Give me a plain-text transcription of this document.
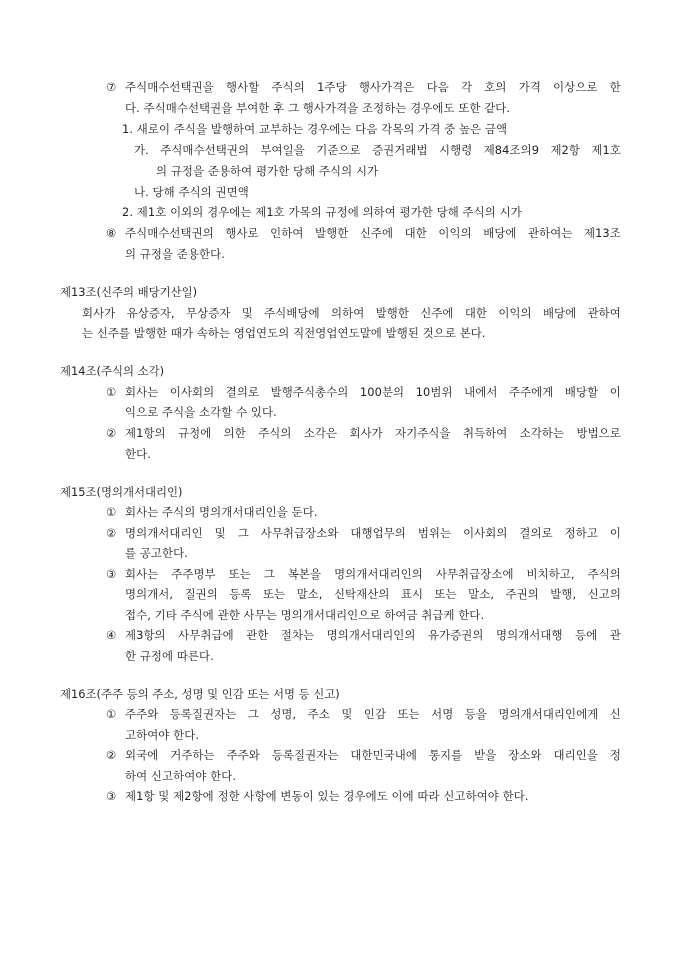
⑦ 주식매수선택권을 행사할 주식의 1주당 행사가격은 다음 각 호의 가격 이상으로 한
다. 주식매수선택권을 부여한 후 그 행사가격을 조정하는 경우에도 또한 같다.
1. 새로이 주식을 발행하여 교부하는 경우에는 다음 각목의 가격 중 높은 금액
가. 주식매수선택권의 부여일을 기준으로 증권거래법 시행령 제84조의9 제2항 제1호
의 규정을 준용하여 평가한 당해 주식의 시가
나. 당해 주식의 권면액
2. 제1호 이외의 경우에는 제1호 가목의 규정에 의하여 평가한 당해 주식의 시가
⑧ 주식매수선택권의 행사로 인하여 발행한 신주에 대한 이익의 배당에 관하여는 제13조
의 규정을 준용한다.
제13조(신주의 배당기산일)
회사가 유상증자, 무상증자 및 주식배당에 의하여 발행한 신주에 대한 이익의 배당에 관하여
는 신주를 발행한 때가 속하는 영업연도의 직전영업연도말에 발행된 것으로 본다.
제14조(주식의 소각)
① 회사는 이사회의 결의로 발행주식총수의 100분의 10범위 내에서 주주에게 배당할 이
익으로 주식을 소각할 수 있다.
② 제1항의 규정에 의한 주식의 소각은 회사가 자기주식을 취득하여 소각하는 방법으로
한다.
제15조(명의개서대리인)
① 회사는 주식의 명의개서대리인을 둔다.
② 명의개서대리인 및 그 사무취급장소와 대행업무의 범위는 이사회의 결의로 정하고 이
를 공고한다.
③ 회사는 주주명부 또는 그 복본을 명의개서대리인의 사무취급장소에 비치하고, 주식의
명의개서, 질권의 등록 또는 말소, 신탁재산의 표시 또는 말소, 주권의 발행, 신고의
접수, 기타 주식에 관한 사무는 명의개서대리인으로 하여금 취급케 한다.
④ 제3항의 사무취급에 관한 절차는 명의개서대리인의 유가증권의 명의개서대행 등에 관
한 규정에 따른다.
제16조(주주 등의 주소, 성명 및 인감 또는 서명 등 신고)
① 주주와 등록질권자는 그 성명, 주소 및 인감 또는 서명 등을 명의개서대리인에게 신
고하여야 한다.
② 외국에 거주하는 주주와 등록질권자는 대한민국내에 통지를 받을 장소와 대리인을 정
하여 신고하여야 한다.
③ 제1항 및 제2항에 정한 사항에 변동이 있는 경우에도 이에 따라 신고하여야 한다.
